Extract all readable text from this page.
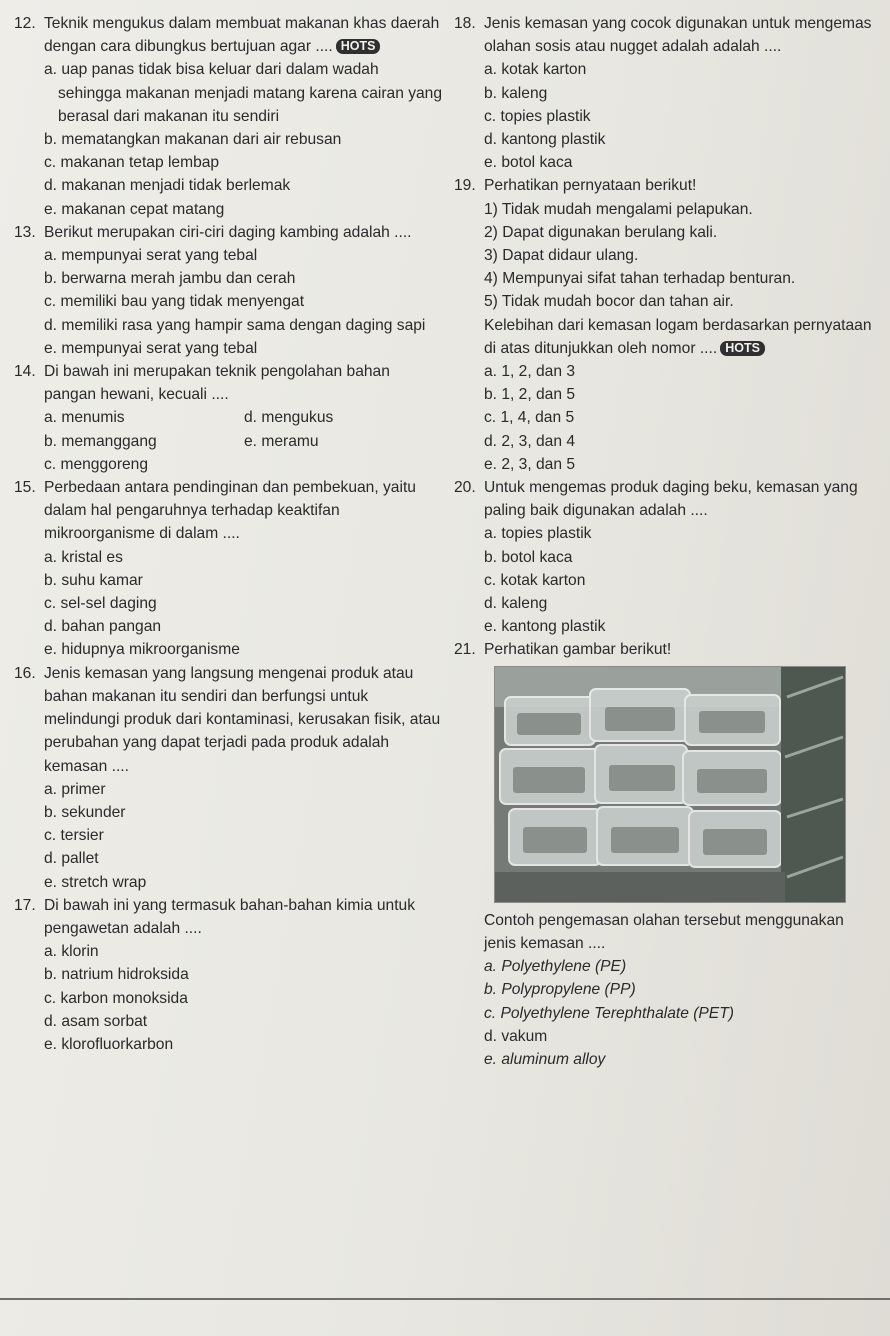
12. Teknik mengukus dalam membuat makanan khas daerah dengan cara dibungkus bertujuan agar .... HOTS
a. uap panas tidak bisa keluar dari dalam wadah sehingga makanan menjadi matang karena cairan yang berasal dari makanan itu sendiri
b. mematangkan makanan dari air rebusan
c. makanan tetap lembap
d. makanan menjadi tidak berlemak
e. makanan cepat matang
13. Berikut merupakan ciri-ciri daging kambing adalah ....
a. mempunyai serat yang tebal
b. berwarna merah jambu dan cerah
c. memiliki bau yang tidak menyengat
d. memiliki rasa yang hampir sama dengan daging sapi
e. mempunyai serat yang tebal
14. Di bawah ini merupakan teknik pengolahan bahan pangan hewani, kecuali ....
a. menumis	d. mengukus
b. memanggang	e. meramu
c. menggoreng
15. Perbedaan antara pendinginan dan pembekuan, yaitu dalam hal pengaruhnya terhadap keaktifan mikroorganisme di dalam ....
a. kristal es
b. suhu kamar
c. sel-sel daging
d. bahan pangan
e. hidupnya mikroorganisme
16. Jenis kemasan yang langsung mengenai produk atau bahan makanan itu sendiri dan berfungsi untuk melindungi produk dari kontaminasi, kerusakan fisik, atau perubahan yang dapat terjadi pada produk adalah kemasan ....
a. primer
b. sekunder
c. tersier
d. pallet
e. stretch wrap
17. Di bawah ini yang termasuk bahan-bahan kimia untuk pengawetan adalah ....
a. klorin
b. natrium hidroksida
c. karbon monoksida
d. asam sorbat
e. klorofluorkarbon
18. Jenis kemasan yang cocok digunakan untuk mengemas olahan sosis atau nugget adalah adalah ....
a. kotak karton
b. kaleng
c. topies plastik
d. kantong plastik
e. botol kaca
19. Perhatikan pernyataan berikut!
1) Tidak mudah mengalami pelapukan.
2) Dapat digunakan berulang kali.
3) Dapat didaur ulang.
4) Mempunyai sifat tahan terhadap benturan.
5) Tidak mudah bocor dan tahan air.
Kelebihan dari kemasan logam berdasarkan pernyataan di atas ditunjukkan oleh nomor .... HOTS
a. 1, 2, dan 3
b. 1, 2, dan 5
c. 1, 4, dan 5
d. 2, 3, dan 4
e. 2, 3, dan 5
20. Untuk mengemas produk daging beku, kemasan yang paling baik digunakan adalah ....
a. topies plastik
b. botol kaca
c. kotak karton
d. kaleng
e. kantong plastik
21. Perhatikan gambar berikut!
Contoh pengemasan olahan tersebut menggunakan jenis kemasan ....
a. Polyethylene (PE)
b. Polypropylene (PP)
c. Polyethylene Terephthalate (PET)
d. vakum
e. aluminum alloy
